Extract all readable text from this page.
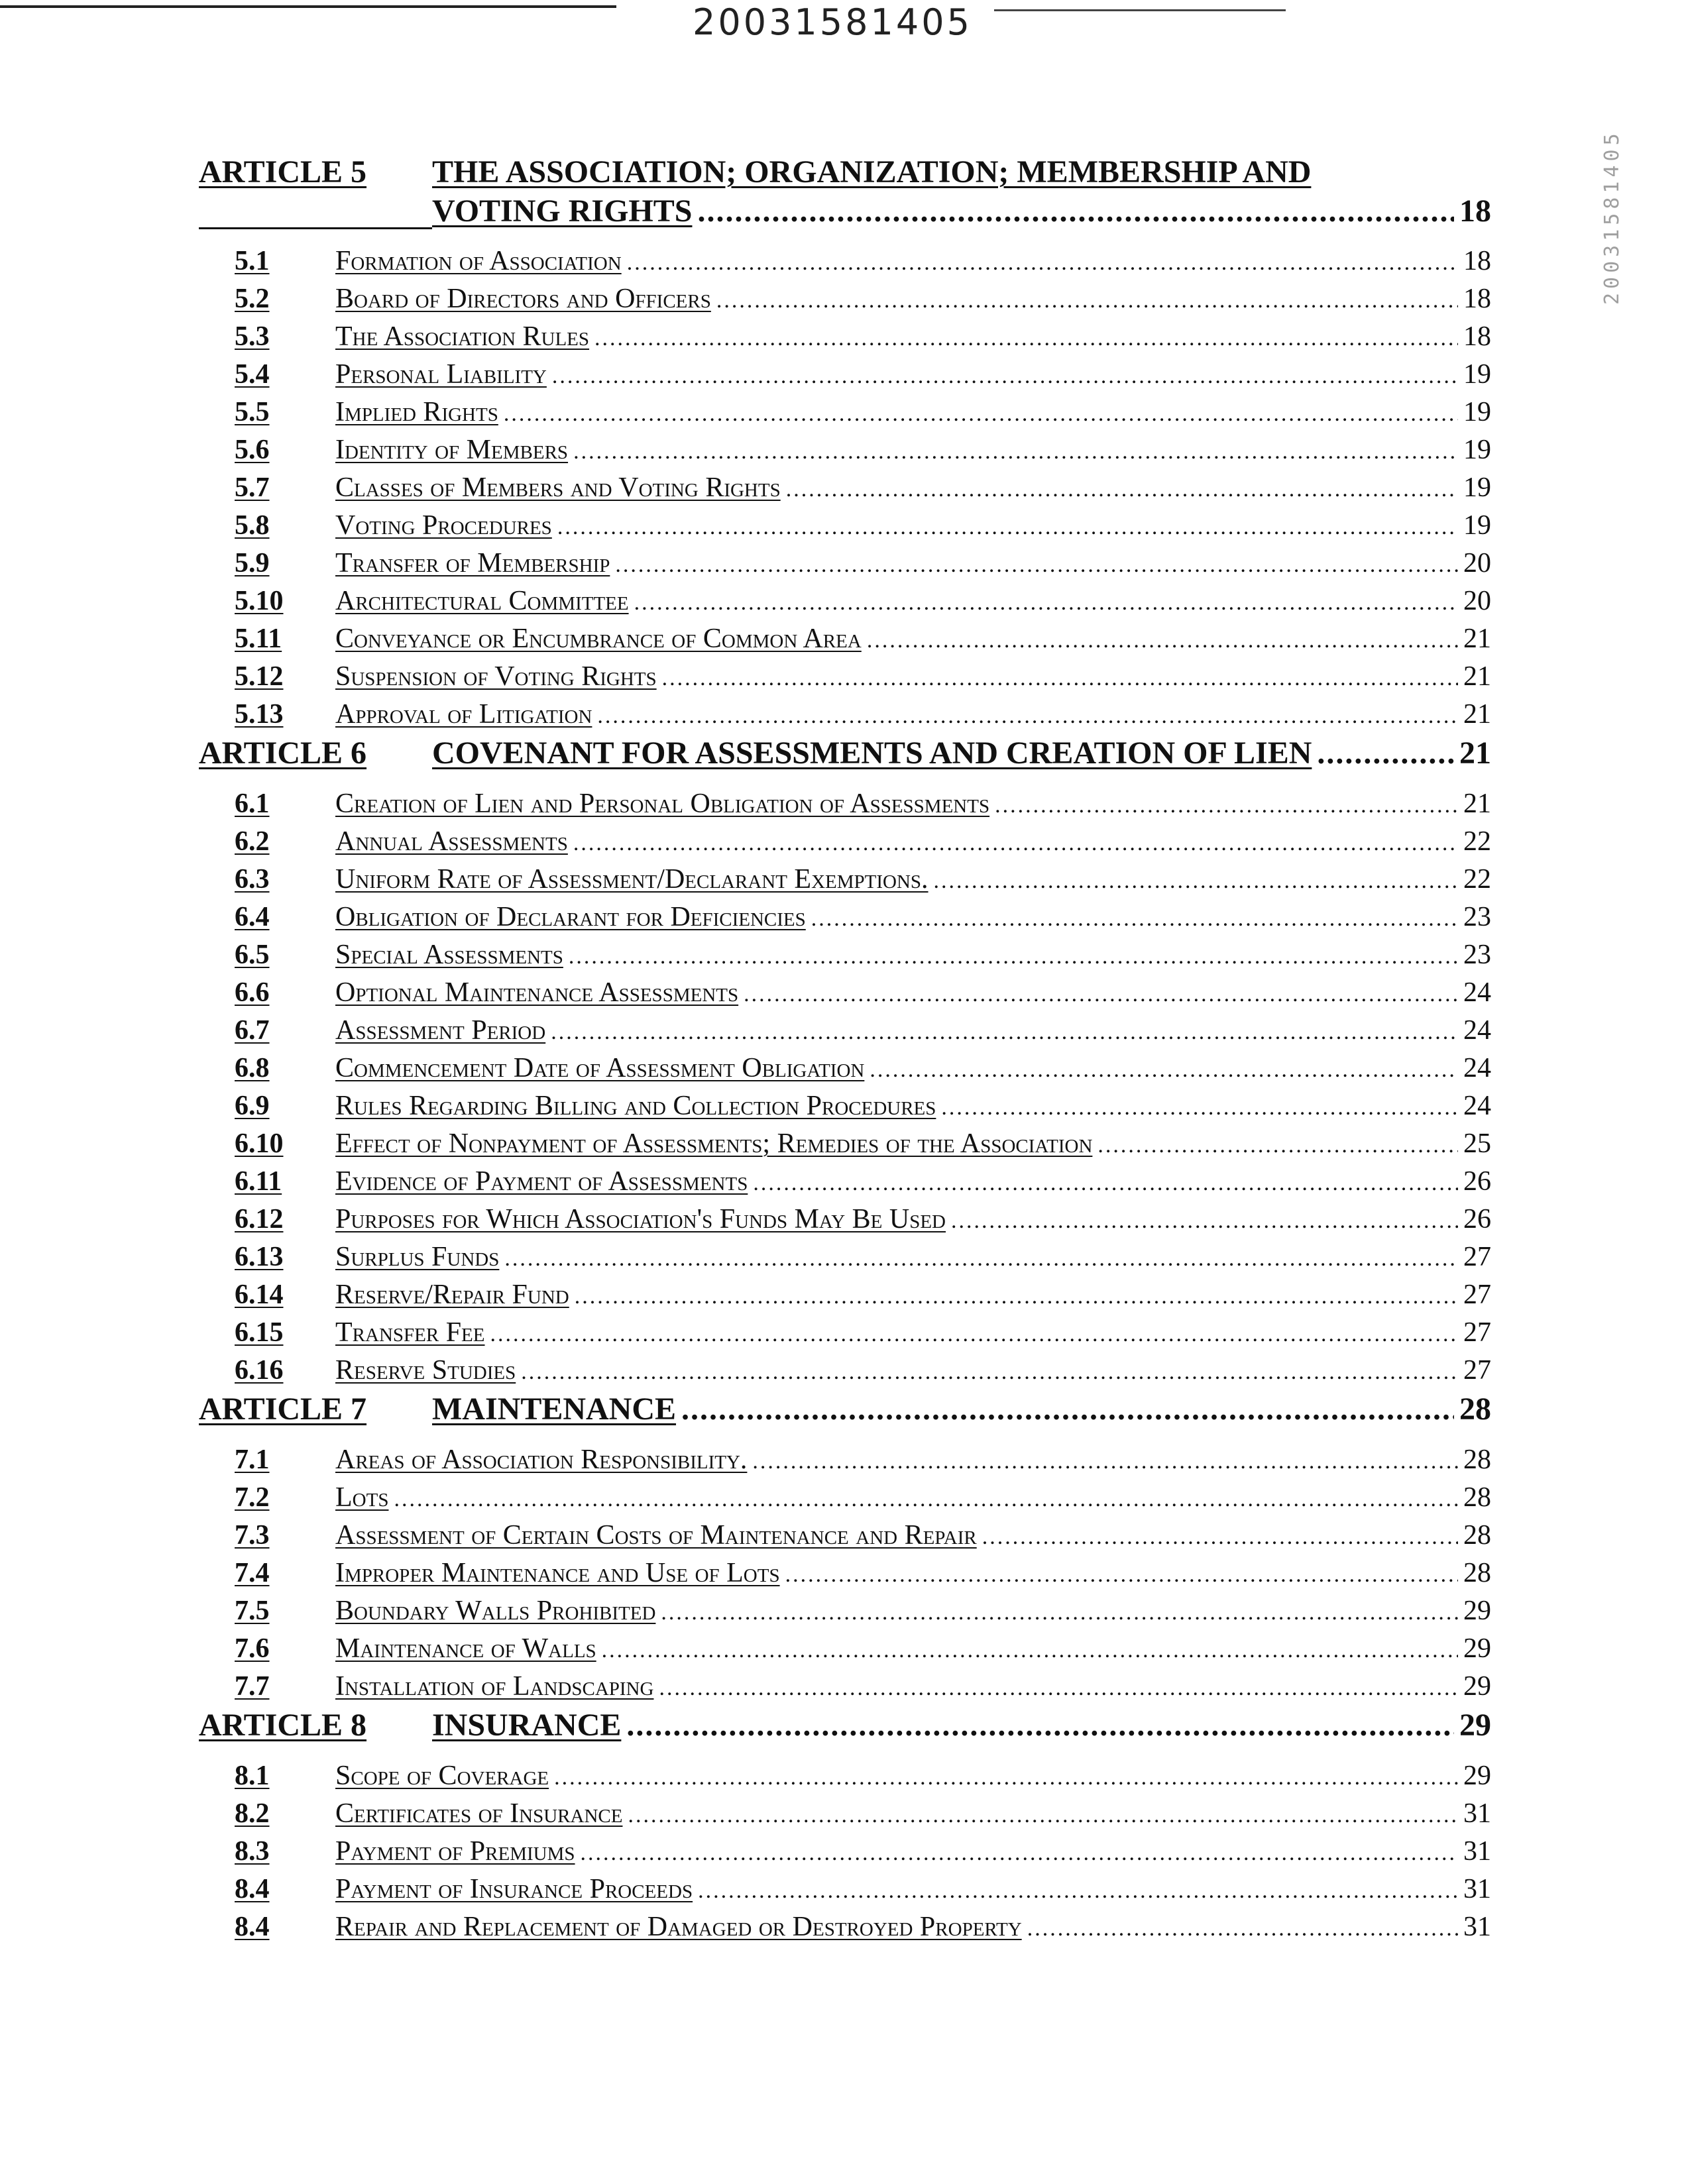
20031581405
20031581405
ARTICLE 5	THE ASSOCIATION; ORGANIZATION; MEMBERSHIP AND
VOTING RIGHTS .....	18
5.1	Formation of Association .....	18
5.2	Board of Directors and Officers .....	18
5.3	The Association Rules .....	18
5.4	Personal Liability .....	19
5.5	Implied Rights .....	19
5.6	Identity of Members .....	19
5.7	Classes of Members and Voting Rights .....	19
5.8	Voting Procedures .....	19
5.9	Transfer of Membership .....	20
5.10	Architectural Committee .....	20
5.11	Conveyance or Encumbrance of Common Area .....	21
5.12	Suspension of Voting Rights .....	21
5.13	Approval of Litigation .....	21
ARTICLE 6	COVENANT FOR ASSESSMENTS AND CREATION OF LIEN .....	21
6.1	Creation of Lien and Personal Obligation of Assessments .....	21
6.2	Annual Assessments .....	22
6.3	Uniform Rate of Assessment/Declarant Exemptions. .....	22
6.4	Obligation of Declarant for Deficiencies .....	23
6.5	Special Assessments .....	23
6.6	Optional Maintenance Assessments .....	24
6.7	Assessment Period .....	24
6.8	Commencement Date of Assessment Obligation .....	24
6.9	Rules Regarding Billing and Collection Procedures .....	24
6.10	Effect of Nonpayment of Assessments; Remedies of the Association .....	25
6.11	Evidence of Payment of Assessments .....	26
6.12	Purposes for Which Association's Funds May Be Used .....	26
6.13	Surplus Funds .....	27
6.14	Reserve/Repair Fund .....	27
6.15	Transfer Fee .....	27
6.16	Reserve Studies .....	27
ARTICLE 7	MAINTENANCE .....	28
7.1	Areas of Association Responsibility. .....	28
7.2	Lots .....	28
7.3	Assessment of Certain Costs of Maintenance and Repair .....	28
7.4	Improper Maintenance and Use of Lots .....	28
7.5	Boundary Walls Prohibited .....	29
7.6	Maintenance of Walls .....	29
7.7	Installation of Landscaping .....	29
ARTICLE 8	INSURANCE .....	29
8.1	Scope of Coverage .....	29
8.2	Certificates of Insurance .....	31
8.3	Payment of Premiums .....	31
8.4	Payment of Insurance Proceeds .....	31
8.4	Repair and Replacement of Damaged or Destroyed Property .....	31
